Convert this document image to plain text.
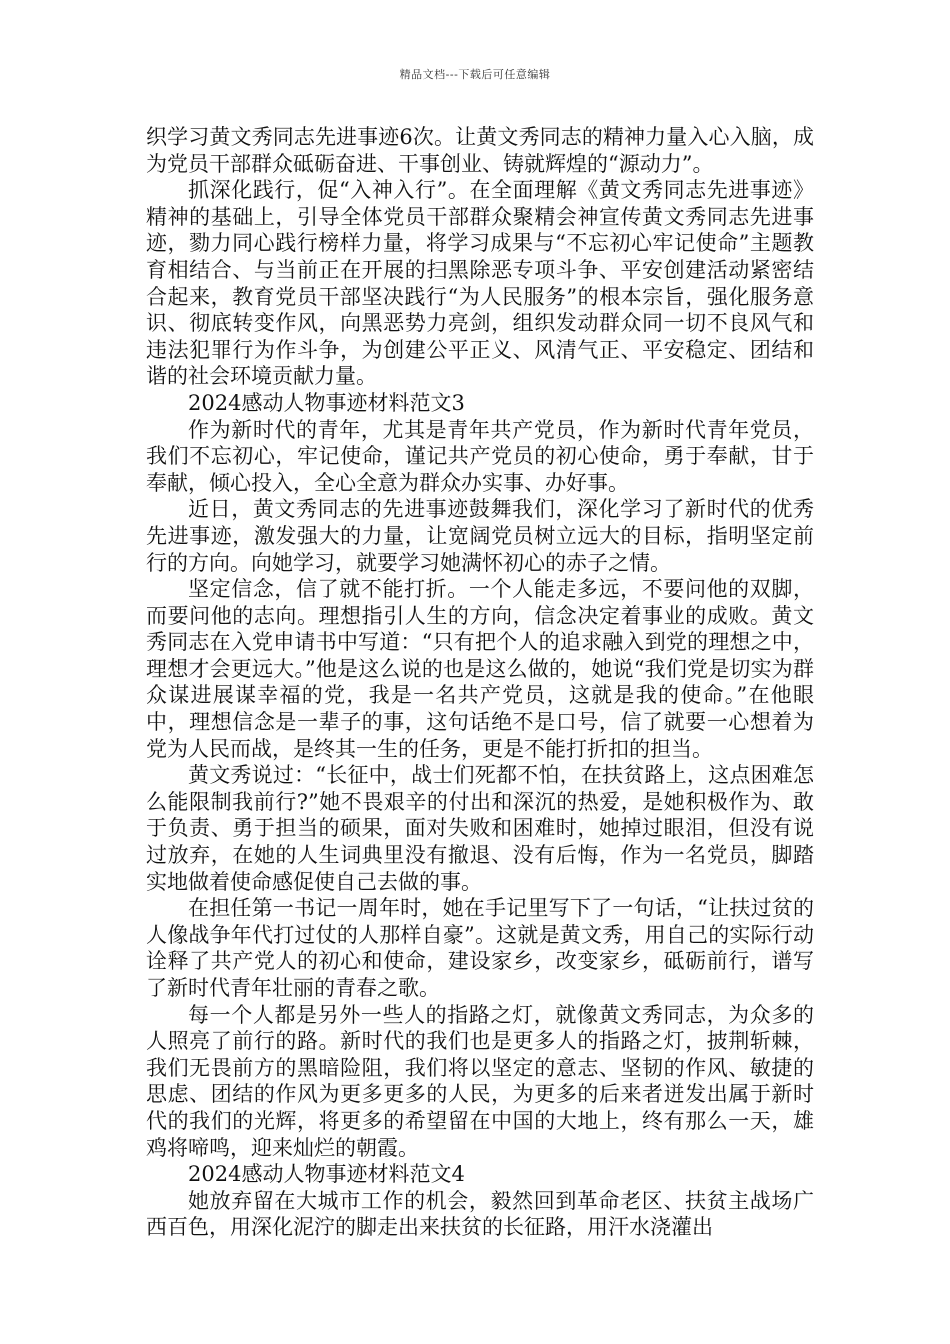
精品文档---下载后可任意编辑

织学习黄文秀同志先进事迹6次。让黄文秀同志的精神力量入心入脑，成为党员干部群众砥砺奋进、干事创业、铸就辉煌的“源动力”。

抓深化践行，促“入神入行”。在全面理解《黄文秀同志先进事迹》精神的基础上，引导全体党员干部群众聚精会神宣传黄文秀同志先进事迹，勠力同心践行榜样力量，将学习成果与“不忘初心牢记使命”主题教育相结合、与当前正在开展的扫黑除恶专项斗争、平安创建活动紧密结合起来，教育党员干部坚决践行“为人民服务”的根本宗旨，强化服务意识、彻底转变作风，向黑恶势力亮剑，组织发动群众同一切不良风气和违法犯罪行为作斗争，为创建公平正义、风清气正、平安稳定、团结和谐的社会环境贡献力量。

2024感动人物事迹材料范文3

作为新时代的青年，尤其是青年共产党员，作为新时代青年党员，我们不忘初心，牢记使命，谨记共产党员的初心使命，勇于奉献，甘于奉献，倾心投入，全心全意为群众办实事、办好事。

近日，黄文秀同志的先进事迹鼓舞我们，深化学习了新时代的优秀先进事迹，激发强大的力量，让宽阔党员树立远大的目标，指明坚定前行的方向。向她学习，就要学习她满怀初心的赤子之情。

坚定信念，信了就不能打折。一个人能走多远，不要问他的双脚，而要问他的志向。理想指引人生的方向，信念决定着事业的成败。黄文秀同志在入党申请书中写道：“只有把个人的追求融入到党的理想之中，理想才会更远大。”他是这么说的也是这么做的，她说“我们党是切实为群众谋进展谋幸福的党，我是一名共产党员，这就是我的使命。”在他眼中，理想信念是一辈子的事，这句话绝不是口号，信了就要一心想着为党为人民而战，是终其一生的任务，更是不能打折扣的担当。

黄文秀说过：“长征中，战士们死都不怕，在扶贫路上，这点困难怎么能限制我前行?”她不畏艰辛的付出和深沉的热爱，是她积极作为、敢于负责、勇于担当的硕果，面对失败和困难时，她掉过眼泪，但没有说过放弃，在她的人生词典里没有撤退、没有后悔，作为一名党员，脚踏实地做着使命感促使自己去做的事。

在担任第一书记一周年时，她在手记里写下了一句话，“让扶过贫的人像战争年代打过仗的人那样自豪”。这就是黄文秀，用自己的实际行动诠释了共产党人的初心和使命，建设家乡，改变家乡，砥砺前行，谱写了新时代青年壮丽的青春之歌。

每一个人都是另外一些人的指路之灯，就像黄文秀同志，为众多的人照亮了前行的路。新时代的我们也是更多人的指路之灯，披荆斩棘，我们无畏前方的黑暗险阻，我们将以坚定的意志、坚韧的作风、敏捷的思虑、团结的作风为更多更多的人民，为更多的后来者迸发出属于新时代的我们的光辉，将更多的希望留在中国的大地上，终有那么一天，雄鸡将啼鸣，迎来灿烂的朝霞。

2024感动人物事迹材料范文4

她放弃留在大城市工作的机会，毅然回到革命老区、扶贫主战场广西百色，用深化泥泞的脚走出来扶贫的长征路，用汗水浇灌出
